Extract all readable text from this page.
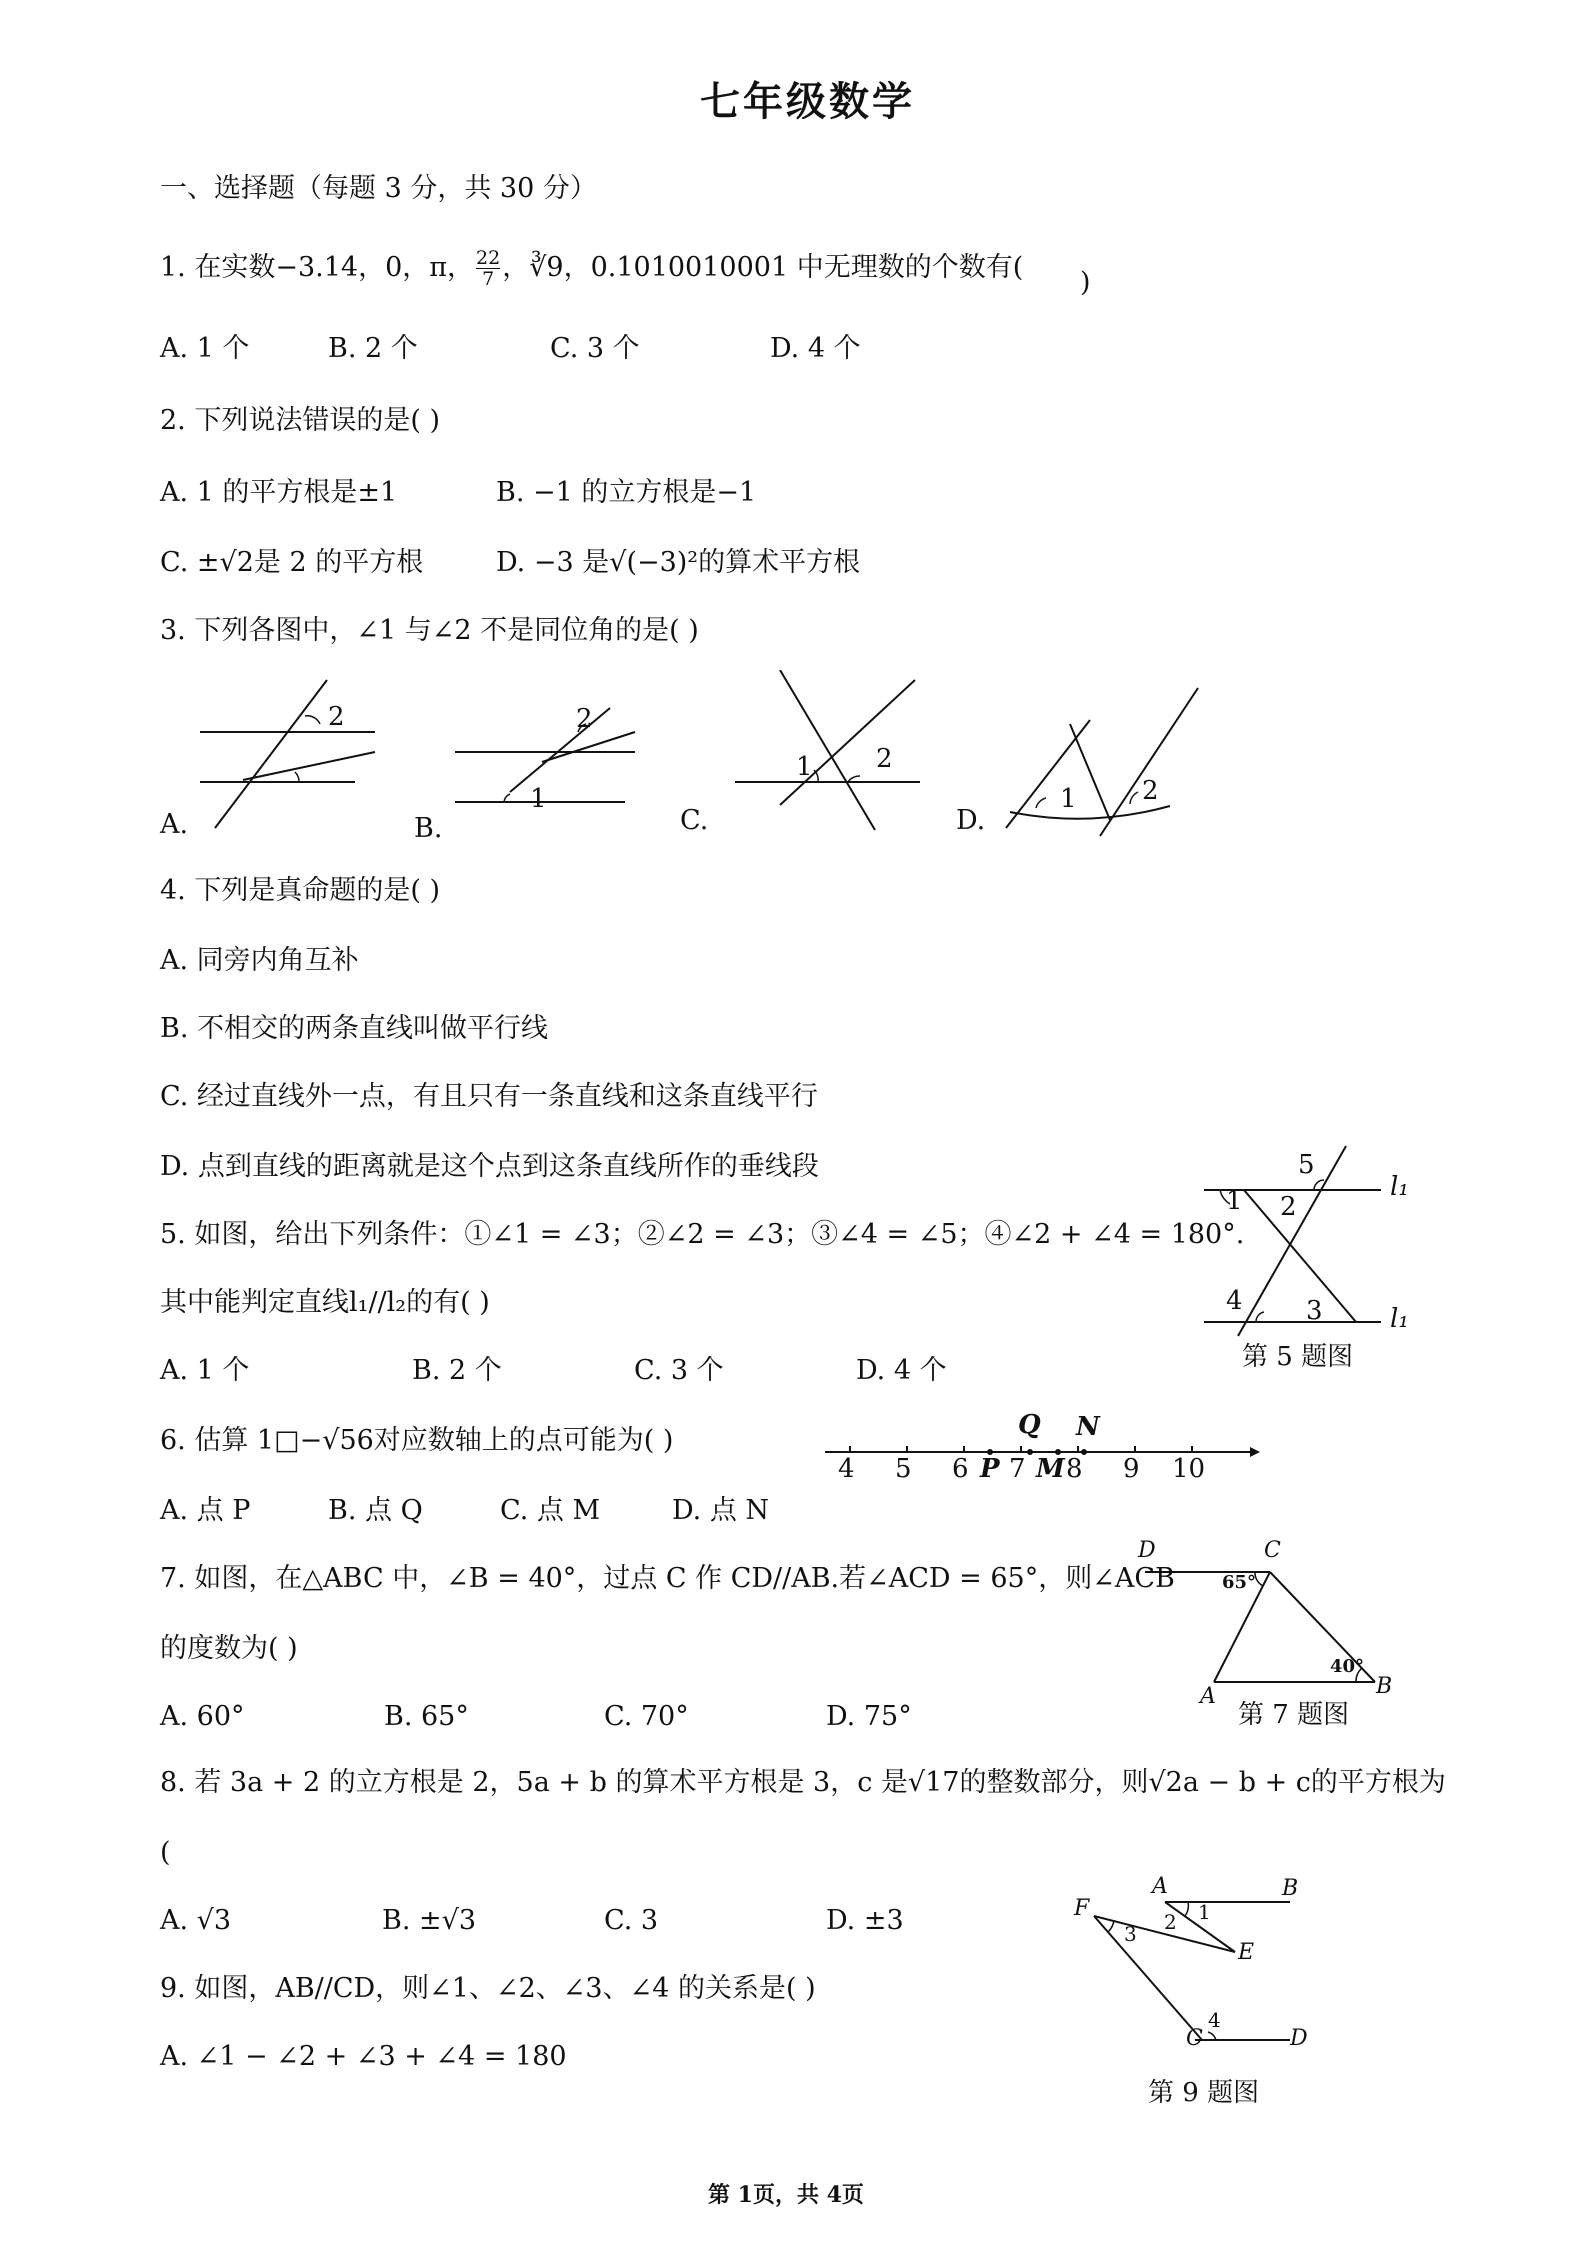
七年级数学
一、选择题（每题 3 分，共 30 分）
1. 在实数−3.14，0，π， $\frac{22}{7}$ ，∛9，0.1010010001 中无理数的个数有( )
A. 1 个	B. 2 个	C. 3 个	D. 4 个
2. 下列说法错误的是( )
A. 1 的平方根是±1	B. −1 的立方根是−1
C. ±√2是 2 的平方根	D. −3 是√(−3)²的算术平方根
3. 下列各图中，∠1 与∠2 不是同位角的是( )
2
A.
2
1
B.
1 2
C.
1	2
D.
4. 下列是真命题的是( )
A. 同旁内角互补
B. 不相交的两条直线叫做平行线
C. 经过直线外一点，有且只有一条直线和这条直线平行
D. 点到直线的距离就是这个点到这条直线所作的垂线段
1 2
3
4
5
l₁
l₁
第 5 题图
5. 如图，给出下列条件：①∠1 = ∠3；②∠2 = ∠3；③∠4 = ∠5；④∠2 + ∠4 = 180°.
其中能判定直线l₁//l₂的有( )
A. 1 个	B. 2 个	C. 3 个	D. 4 个
6. 估算 1□−√56对应数轴上的点可能为( )
4 5 6 7 8 9 10
P
Q
M
N
A. 点 P	B. 点 Q	C. 点 M	D. 点 N
7. 如图，在△ABC 中，∠B = 40°，过点 C 作 CD//AB.若∠ACD = 65°，则∠ACB
的度数为( )
A. 60°	B. 65°	C. 70°	D. 75°
D	C
A	B
65°
40°
第 7 题图
8. 若 3a + 2 的立方根是 2，5a + b 的算术平方根是 3，c 是√17的整数部分，则√2a − b + c的平方根为
(
A. √3	B. ±√3	C. 3	D. ±3
A	B
F
E
C	D
1
2
3
4
第 9 题图
9. 如图，AB//CD，则∠1、∠2、∠3、∠4 的关系是( )
A. ∠1 − ∠2 + ∠3 + ∠4 = 180
第 1页，共 4页
